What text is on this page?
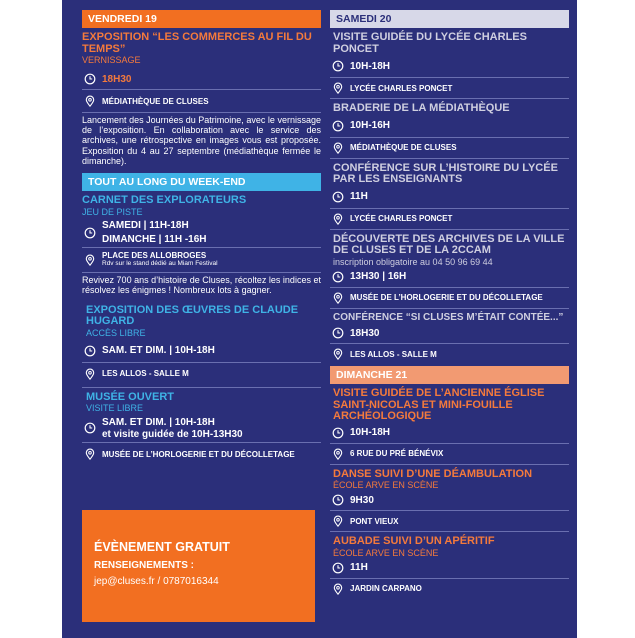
VENDREDI 19
EXPOSITION “LES COMMERCES AU FIL DU TEMPS”
VERNISSAGE
18H30
MÉDIATHÈQUE DE CLUSES
Lancement des Journées du Patrimoine, avec le vernissage de l’exposition. En collaboration avec le service des archives, une rétrospective en images vous est proposée. Exposition du 4 au 27 septembre (médiathèque fermée le dimanche).
TOUT AU LONG DU WEEK-END
CARNET DES EXPLORATEURS
JEU DE PISTE
SAMEDI | 11H-18H
DIMANCHE | 11H -16H
PLACE DES ALLOBROGES
Rdv sur le stand dédié au Miam Festival
Revivez 700 ans d’histoire de Cluses, récoltez les indices et résolvez les énigmes ! Nombreux lots à gagner.
EXPOSITION DES ŒUVRES DE CLAUDE HUGARD
ACCÈS LIBRE
SAM. ET DIM. | 10H-18H
LES ALLOS - SALLE M
MUSÉE OUVERT
VISITE LIBRE
SAM. ET DIM. | 10H-18H
et visite guidée de 10H-13H30
MUSÉE DE L’HORLOGERIE ET DU DÉCOLLETAGE
ÉVÈNEMENT GRATUIT
RENSEIGNEMENTS :
jep@cluses.fr / 0787016344
SAMEDI 20
VISITE GUIDÉE DU LYCÉE CHARLES PONCET
10H-18H
LYCÉE CHARLES PONCET
BRADERIE DE LA MÉDIATHÈQUE
10H-16H
MÉDIATHÈQUE DE CLUSES
CONFÉRENCE SUR L’HISTOIRE DU LYCÉE PAR LES ENSEIGNANTS
11H
LYCÉE CHARLES PONCET
DÉCOUVERTE DES ARCHIVES DE LA VILLE DE CLUSES ET DE LA 2CCAM
inscription obligatoire au 04 50 96 69 44
13H30 | 16H
MUSÉE DE L’HORLOGERIE ET DU DÉCOLLETAGE
CONFÉRENCE “SI CLUSES M’ÉTAIT CONTÉE...”
18H30
LES ALLOS - SALLE M
DIMANCHE 21
VISITE GUIDÉE DE L’ANCIENNE ÉGLISE SAINT-NICOLAS ET MINI-FOUILLE ARCHÉOLOGIQUE
10H-18H
6 RUE DU PRÉ BÉNÉVIX
DANSE SUIVI D’UNE DÉAMBULATION
ÉCOLE ARVE EN SCÈNE
9H30
PONT VIEUX
AUBADE SUIVI D’UN APÉRITIF
ÉCOLE ARVE EN SCÈNE
11H
JARDIN CARPANO
